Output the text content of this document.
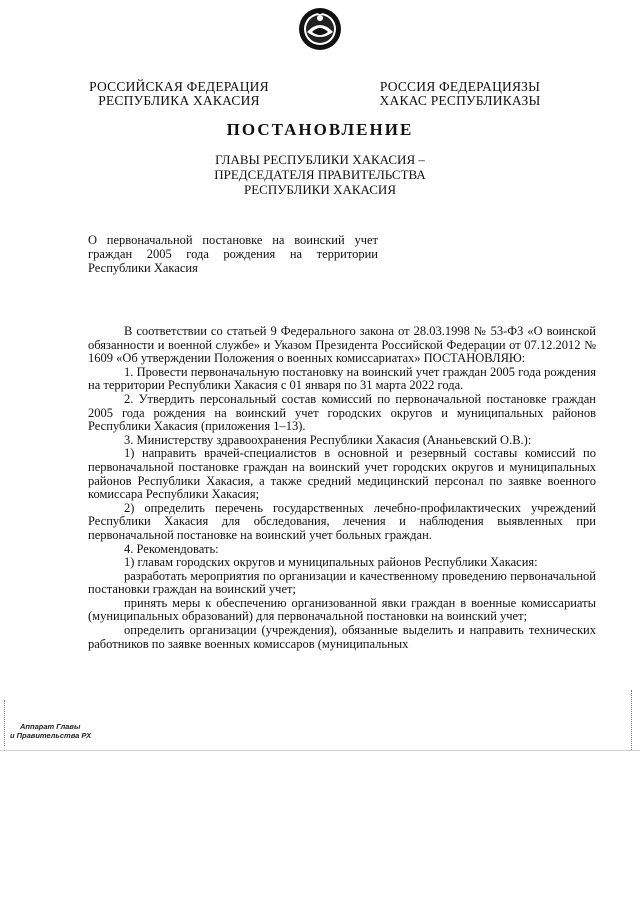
РОССИЙСКАЯ ФЕДЕРАЦИЯ
РЕСПУБЛИКА ХАКАСИЯ
РОССИЯ ФЕДЕРАЦИЯЗЫ
ХАКАС РЕСПУБЛИКАЗЫ
ПОСТАНОВЛЕНИЕ
ГЛАВЫ РЕСПУБЛИКИ ХАКАСИЯ –
ПРЕДСЕДАТЕЛЯ ПРАВИТЕЛЬСТВА
РЕСПУБЛИКИ ХАКАСИЯ
О первоначальной постановке на воинский учет граждан 2005 года рождения на территории Республики Хакасия

В соответствии со статьей 9 Федерального закона от 28.03.1998 № 53-ФЗ «О воинской обязанности и военной службе» и Указом Президента Российской Федерации от 07.12.2012 № 1609 «Об утверждении Положения о военных комиссариатах» ПОСТАНОВЛЯЮ:

1. Провести первоначальную постановку на воинский учет граждан 2005 года рождения на территории Республики Хакасия с 01 января по 31 марта 2022 года.

2. Утвердить персональный состав комиссий по первоначальной постановке граждан 2005 года рождения на воинский учет городских округов и муниципальных районов Республики Хакасия (приложения 1–13).

3. Министерству здравоохранения Республики Хакасия (Ананьевский О.В.):

1) направить врачей-специалистов в основной и резервный составы комиссий по первоначальной постановке граждан на воинский учет городских округов и муниципальных районов Республики Хакасия, а также средний медицинский персонал по заявке военного комиссара Республики Хакасия;

2) определить перечень государственных лечебно-профилактических учреждений Республики Хакасия для обследования, лечения и наблюдения выявленных при первоначальной постановке на воинский учет больных граждан.

4. Рекомендовать:

1) главам городских округов и муниципальных районов Республики Хакасия:

разработать мероприятия по организации и качественному проведению первоначальной постановки граждан на воинский учет;

принять меры к обеспечению организованной явки граждан в военные комиссариаты (муниципальных образований) для первоначальной постановки на воинский учет;

определить организации (учреждения), обязанные выделить и направить технических работников по заявке военных комиссаров (муниципальных

Аппарат Главы
и Правительства РХ
